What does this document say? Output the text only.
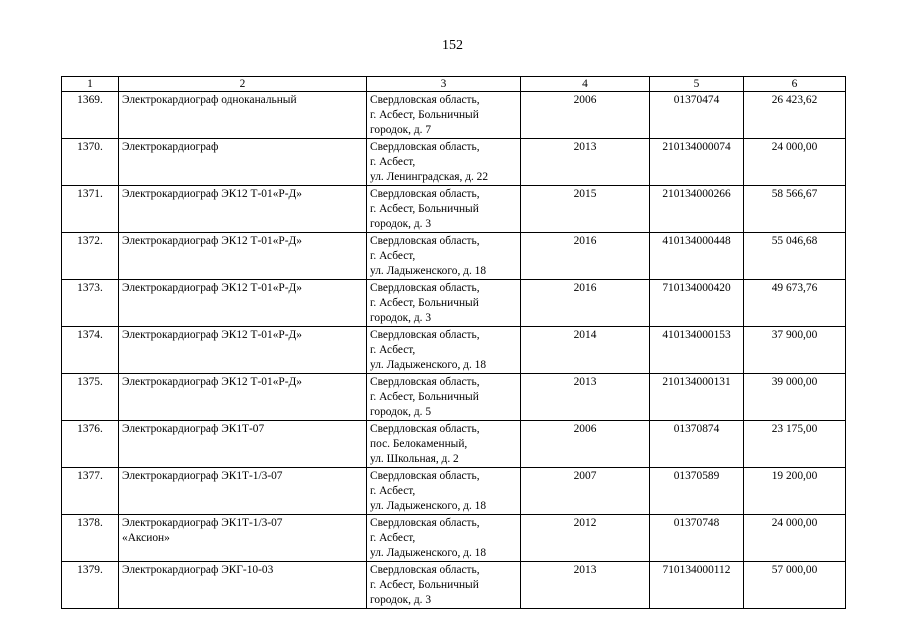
152
1	2	3	4	5	6
1369.	Электрокардиограф одноканальный	Свердловская область,
г. Асбест, Больничный
городок, д. 7	2006	01370474	26 423,62
1370.	Электрокардиограф	Свердловская область,
г. Асбест,
ул. Ленинградская, д. 22	2013	210134000074	24 000,00
1371.	Электрокардиограф ЭК12 Т-01«Р-Д»	Свердловская область,
г. Асбест, Больничный
городок, д. 3	2015	210134000266	58 566,67
1372.	Электрокардиограф ЭК12 Т-01«Р-Д»	Свердловская область,
г. Асбест,
ул. Ладыженского, д. 18	2016	410134000448	55 046,68
1373.	Электрокардиограф ЭК12 Т-01«Р-Д»	Свердловская область,
г. Асбест, Больничный
городок, д. 3	2016	710134000420	49 673,76
1374.	Электрокардиограф ЭК12 Т-01«Р-Д»	Свердловская область,
г. Асбест,
ул. Ладыженского, д. 18	2014	410134000153	37 900,00
1375.	Электрокардиограф ЭК12 Т-01«Р-Д»	Свердловская область,
г. Асбест, Больничный
городок, д. 5	2013	210134000131	39 000,00
1376.	Электрокардиограф ЭК1Т-07	Свердловская область,
пос. Белокаменный,
ул. Школьная, д. 2	2006	01370874	23 175,00
1377.	Электрокардиограф ЭК1Т-1/3-07	Свердловская область,
г. Асбест,
ул. Ладыженского, д. 18	2007	01370589	19 200,00
1378.	Электрокардиограф ЭК1Т-1/3-07
«Аксион»	Свердловская область,
г. Асбест,
ул. Ладыженского, д. 18	2012	01370748	24 000,00
1379.	Электрокардиограф ЭКГ-10-03	Свердловская область,
г. Асбест, Больничный
городок, д. 3	2013	710134000112	57 000,00
